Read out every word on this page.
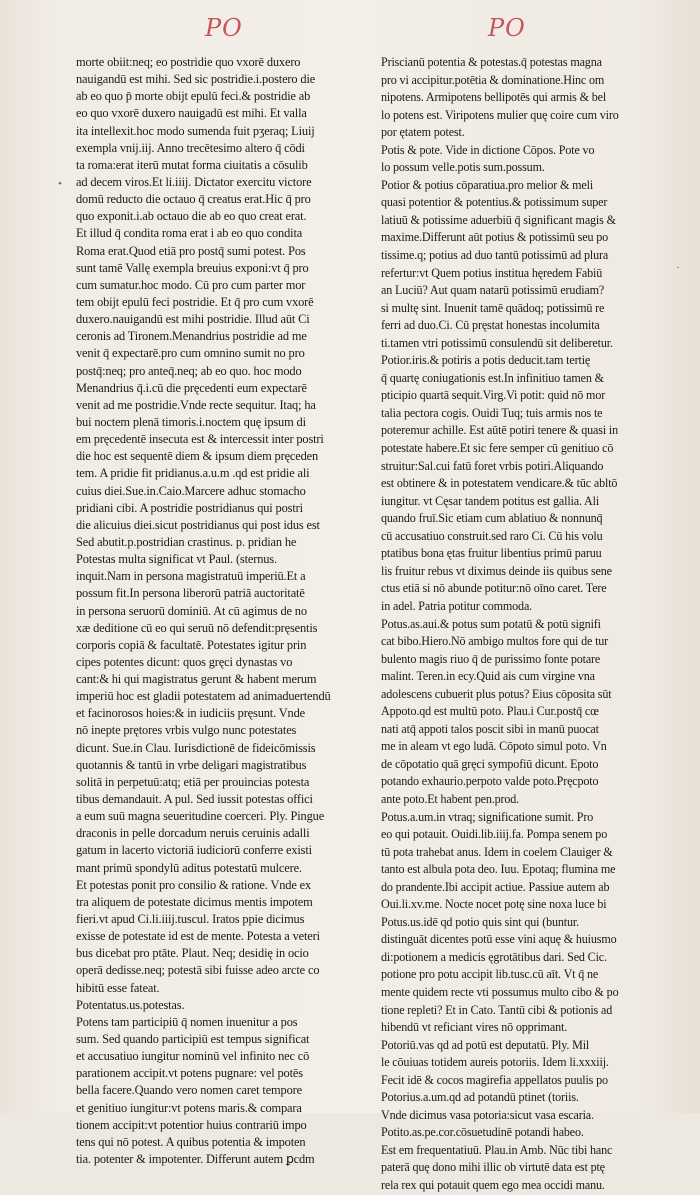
PO	PO
•
·
morte obiit:neq; eo postridie quo vxorē duxero
nauigandū est mihi. Sed sic postridie.i.postero die
ab eo quo p̄ morte obijt epulū feci.& postridie ab
eo quo vxorē duxero nauigadū est mihi. Et valla
ita intellexit.hoc modo sumenda fuit pʒeraq; Liuij
exempla vnij.iij. Anno trecētesimo altero q̄ cōdi
ta roma:erat iterū mutat forma ciuitatis a cōsulib
ad decem viros.Et li.iiij. Dictator exercitu victore
domū reducto die octauo q̄ creatus erat.Hic q̄ pro
quo exponit.i.ab octauo die ab eo quo creat erat.
Et illud q̄ condita roma erat i ab eo quo condita
Roma erat.Quod etiā pro postq̄ sumi potest. Pos
sunt tamē Vallę exempla breuius exponi:vt q̄ pro
cum sumatur.hoc modo. Cū pro cum parter mor
tem obijt epulū feci postridie. Et q̄ pro cum vxorē
duxero.nauigandū est mihi postridie. Illud aūt Ci
ceronis ad Tironem.Menandrius postridie ad me
venit q̄ expectarē.pro cum omnino sumit no pro
postq̄:neq; pro anteq̄.neq; ab eo quo. hoc modo
Menandrius q̄.i.cū die pręcedenti eum expectarē
venit ad me postridie.Vnde recte sequitur. Itaq; ha
bui noctem plenā timoris.i.noctem quę ipsum di
em pręcedentē insecuta est & intercessit inter postri
die hoc est sequentē diem & ipsum diem pręceden
tem. A pridie fit pridianus.a.u.m .qd est pridie ali
cuius diei.Sue.in.Caio.Marcere adhuc stomacho
pridiani cibi. A postridie postridianus qui postri
die alicuius diei.sicut postridianus qui post idus est
Sed abutit.p.postridian crastinus. p. pridian he
Potestas multa significat vt Paul. (sternus.
inquit.Nam in persona magistratuū imperiū.Et a
possum fit.In persona liberorū patriā auctoritatē
in persona seruorū dominiū. At cū agimus de no
xæ deditione cū eo qui seruū nō defendit:pręsentis
corporis copiā & facultatē. Potestates igitur prin
cipes potentes dicunt: quos gręci dynastas vo
cant:& hi qui magistratus gerunt & habent merum
imperiū hoc est gladii potestatem ad animaduertendū
et facinorosos hoies:& in iudiciis pręsunt. Vnde
nō inepte prętores vrbis vulgo nunc potestates
dicunt. Sue.in Clau. Iurisdictionē de fideicōmissis
quotannis & tantū in vrbe deligari magistratibus
solitā in perpetuū:atq; etiā per prouincias potesta
tibus demandauit. A pul. Sed iussit potestas offici
a eum suū magna seueritudine coerceri. Ply. Pingue
draconis in pelle dorcadum neruis ceruinis adalli
gatum in lacerto victoriā iudiciorū conferre existi
mant primū spondylū aditus potestatū mulcere.
Et potestas ponit pro consilio & ratione. Vnde ex
tra aliquem de potestate dicimus mentis impotem
fieri.vt apud Ci.li.iiij.tuscul. Iratos ppie dicimus
exisse de potestate id est de mente. Potesta a veteri
bus dicebat pro ptāte. Plaut. Neq; desidię in ocio
operā dedisse.neq; potestā sibi fuisse adeo arcte co
hibitū esse fateat.
Potentatus.us.potestas.
Potens tam participiū q̄ nomen inuenitur a pos
sum. Sed quando participiū est tempus significat
et accusatiuo iungitur nominū vel infinito nec cō
parationem accipit.vt potens pugnare: vel potēs
bella facere.Quando vero nomen caret tempore
et genitiuo iungitur:vt potens maris.& compara
tionem accipit:vt potentior huius contrariū impo
tens qui nō potest. A quibus potentia & impoten
tia. potenter & impotenter. Differunt autem ꝑcdm
Priscianū potentia & potestas.q̄ potestas magna
pro vi accipitur.potētia & dominatione.Hinc om
nipotens. Armipotens bellipotēs qui armis & bel
lo potens est. Viripotens mulier quę coire cum viro
por ętatem potest.
Potis & pote. Vide in dictione Cōpos. Pote vo
lo possum velle.potis sum.possum.
Potior & potius cōparatiua.pro melior & meli
quasi potentior & potentius.& potissimum super
latiuū & potissime aduerbiū q̄ significant magis &
maxime.Differunt aūt potius & potissimū seu po
tissime.q; potius ad duo tantū potissimū ad plura
refertur:vt Quem potius institua hęredem Fabiū
an Luciū? Aut quam natarū potissimū erudiam?
si multę sint. Inuenit tamē quādoq; potissimū re
ferri ad duo.Ci. Cū pręstat honestas incolumita
ti.tamen vtri potissimū consulendū sit deliberetur.
Potior.iris.& potiris a potis deducit.tam tertię
q̄ quartę coniugationis est.In infinitiuo tamen &
pticipio quartā sequit.Virg.Vi potit: quid nō mor
talia pectora cogis. Ouidi Tuq; tuis armis nos te
poteremur achille. Est aūtē potiri tenere & quasi in
potestate habere.Et sic fere semper cū genitiuo cō
struitur:Sal.cui fatū foret vrbis potiri.Aliquando
est obtinere & in potestatem vendicare.& tūc abltō
iungitur. vt Cęsar tandem potitus est gallia. Ali
quando fruī.Sic etiam cum ablatiuo & nonnunq̄
cū accusatiuo construit.sed raro Ci. Cū his volu
ptatibus bona ętas fruitur libentius primū paruu
lis fruitur rebus vt diximus deinde iis quibus sene
ctus etiā si nō abunde potitur:nō oīno caret. Tere
in adel. Patria potitur commoda.
Potus.as.aui.& potus sum potatū & potū signifi
cat bibo.Hiero.Nō ambigo multos fore qui de tur
bulento magis riuo q̄ de purissimo fonte potare
malint. Teren.in ecy.Quid ais cum virgine vna
adolescens cubuerit plus potus? Eius cōposita sūt
Appoto.qd est multū poto. Plau.i Cur.postq̄ cœ
nati atq̄ appoti talos poscit sibi in manū puocat
me in aleam vt ego ludā. Cōpoto simul poto. Vn
de cōpotatio quā gręci sympofiū dicunt. Epoto
potando exhaurio.perpoto valde poto.Pręcpoto
ante poto.Et habent pen.prod.
Potus.a.um.in vtraq; significatione sumit. Pro
eo qui potauit. Ouidi.lib.iiij.fa. Pompa senem po
tū pota trahebat anus. Idem in coelem Clauiger &
tanto est albula pota deo. Iuu. Epotaq; flumina me
do prandente.Ibi accipit actiue. Passiue autem ab
Oui.li.xv.me. Nocte nocet potę sine noxa luce bi
Potus.us.idē qd potio quis sint qui (buntur.
distinguāt dicentes potū esse vini aquę & huiusmo
di:potionem a medicis ęgrotātibus dari. Sed Cic.
potione pro potu accipit lib.tusc.cū aīt. Vt q̄ ne
mente quidem recte vti possumus multo cibo & po
tione repleti? Et in Cato. Tantū cibi & potionis ad
hibendū vt reficiant vires nō opprimant.
Potoriū.vas qd ad potū est deputatū. Ply. Mil
le cōuiuas totidem aureis potoriis. Idem li.xxxiij.
Fecit idē & cocos magirefia appellatos puulis po
Potorius.a.um.qd ad potandū ptinet (toriis.
Vnde dicimus vasa potoria:sicut vasa escaria.
Potito.as.pe.cor.cōsuetudinē potandi habeo.
Est em frequentatiuū. Plau.in Amb. Nūc tibi hanc
paterā quę dono mihi illic ob virtutē data est ptę
rela rex qui potauit quem ego mea occidi manu.
